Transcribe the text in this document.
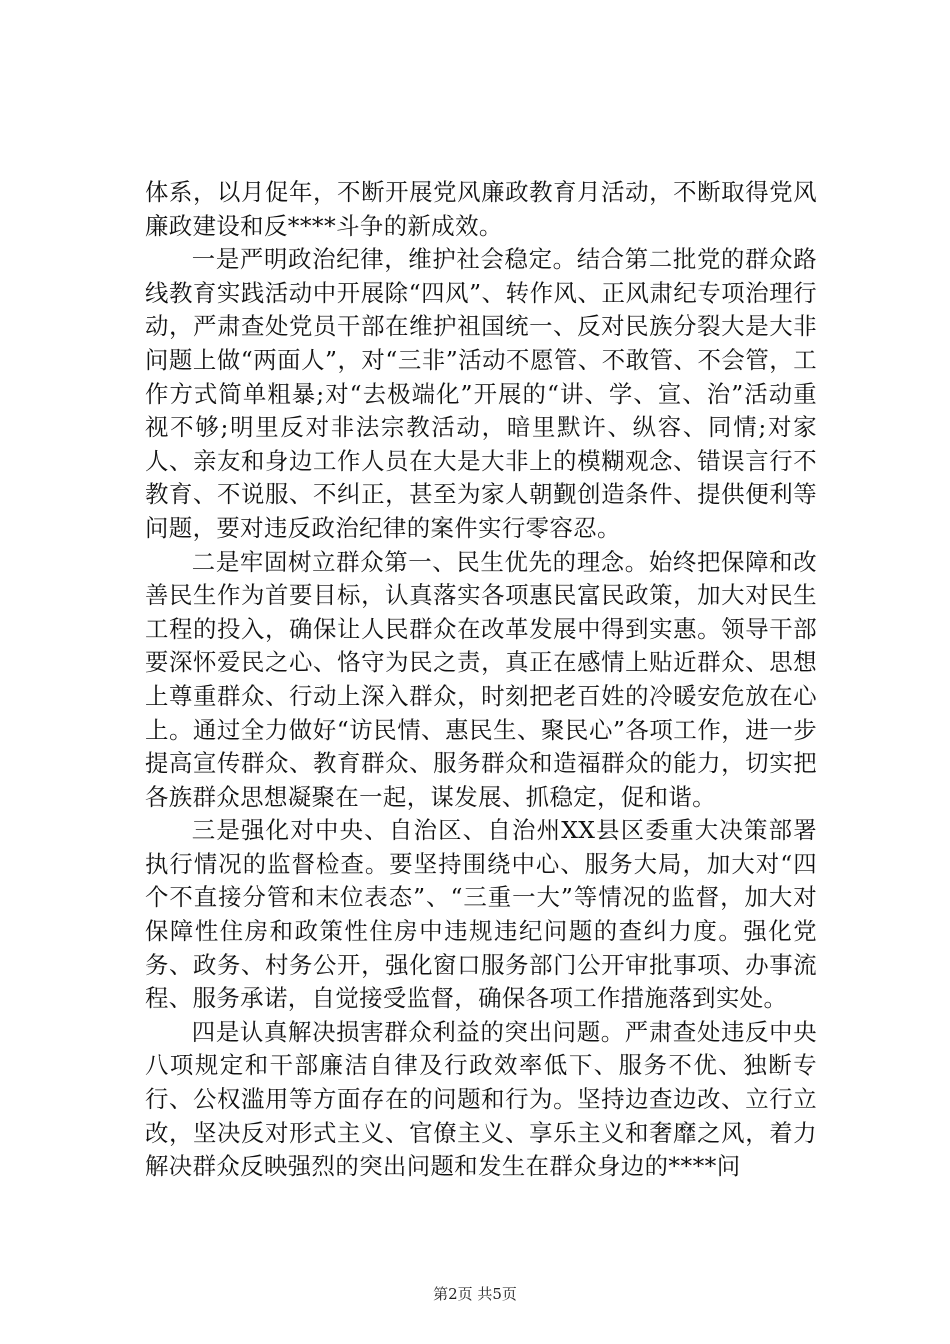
体系，以月促年，不断开展党风廉政教育月活动，不断取得党风廉政建设和反****斗争的新成效。

一是严明政治纪律，维护社会稳定。结合第二批党的群众路线教育实践活动中开展除“四风”、转作风、正风肃纪专项治理行动，严肃查处党员干部在维护祖国统一、反对民族分裂大是大非问题上做“两面人”，对“三非”活动不愿管、不敢管、不会管，工作方式简单粗暴;对“去极端化”开展的“讲、学、宣、治”活动重视不够;明里反对非法宗教活动，暗里默许、纵容、同情;对家人、亲友和身边工作人员在大是大非上的模糊观念、错误言行不教育、不说服、不纠正，甚至为家人朝觐创造条件、提供便利等问题，要对违反政治纪律的案件实行零容忍。

二是牢固树立群众第一、民生优先的理念。始终把保障和改善民生作为首要目标，认真落实各项惠民富民政策，加大对民生工程的投入，确保让人民群众在改革发展中得到实惠。领导干部要深怀爱民之心、恪守为民之责，真正在感情上贴近群众、思想上尊重群众、行动上深入群众，时刻把老百姓的冷暖安危放在心上。通过全力做好“访民情、惠民生、聚民心”各项工作，进一步提高宣传群众、教育群众、服务群众和造福群众的能力，切实把各族群众思想凝聚在一起，谋发展、抓稳定，促和谐。

三是强化对中央、自治区、自治州XX县区委重大决策部署执行情况的监督检查。要坚持围绕中心、服务大局，加大对“四个不直接分管和末位表态”、“三重一大”等情况的监督，加大对保障性住房和政策性住房中违规违纪问题的查纠力度。强化党务、政务、村务公开，强化窗口服务部门公开审批事项、办事流程、服务承诺，自觉接受监督，确保各项工作措施落到实处。

四是认真解决损害群众利益的突出问题。严肃查处违反中央八项规定和干部廉洁自律及行政效率低下、服务不优、独断专行、公权滥用等方面存在的问题和行为。坚持边查边改、立行立改，坚决反对形式主义、官僚主义、享乐主义和奢靡之风，着力解决群众反映强烈的突出问题和发生在群众身边的****问

第2页 共5页
